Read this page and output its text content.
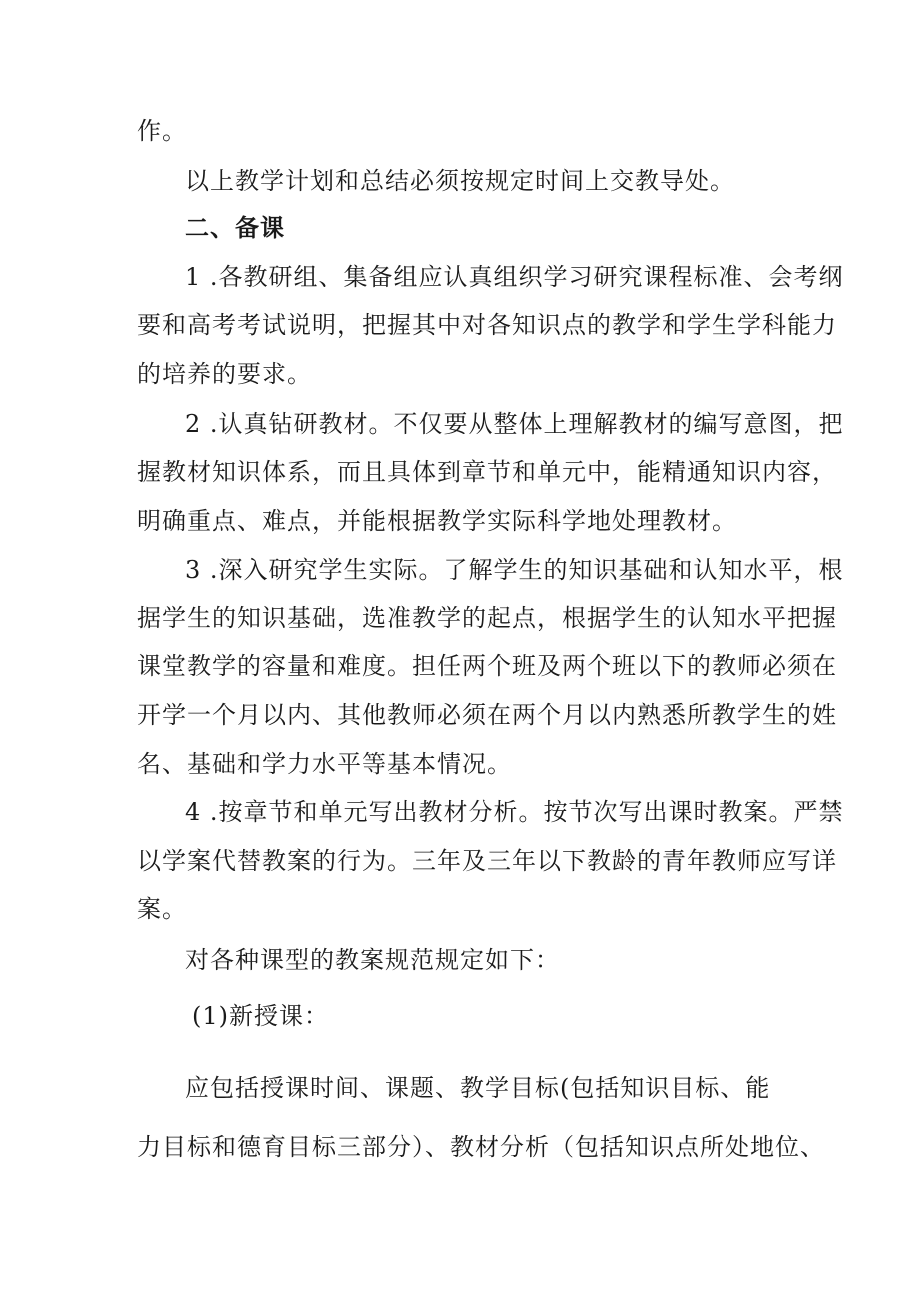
作。
以上教学计划和总结必须按规定时间上交教导处。
二、备课
1 .各教研组、集备组应认真组织学习研究课程标准、会考纲
要和高考考试说明，把握其中对各知识点的教学和学生学科能力
的培养的要求。
2 .认真钻研教材。不仅要从整体上理解教材的编写意图，把
握教材知识体系，而且具体到章节和单元中，能精通知识内容，
明确重点、难点，并能根据教学实际科学地处理教材。
3 .深入研究学生实际。了解学生的知识基础和认知水平，根
据学生的知识基础，选准教学的起点，根据学生的认知水平把握
课堂教学的容量和难度。担任两个班及两个班以下的教师必须在
开学一个月以内、其他教师必须在两个月以内熟悉所教学生的姓
名、基础和学力水平等基本情况。
4 .按章节和单元写出教材分析。按节次写出课时教案。严禁
以学案代替教案的行为。三年及三年以下教龄的青年教师应写详
案。
对各种课型的教案规范规定如下：
(1)新授课：
应包括授课时间、课题、教学目标(包括知识目标、能
力目标和德育目标三部分）、教材分析（包括知识点所处地位、
